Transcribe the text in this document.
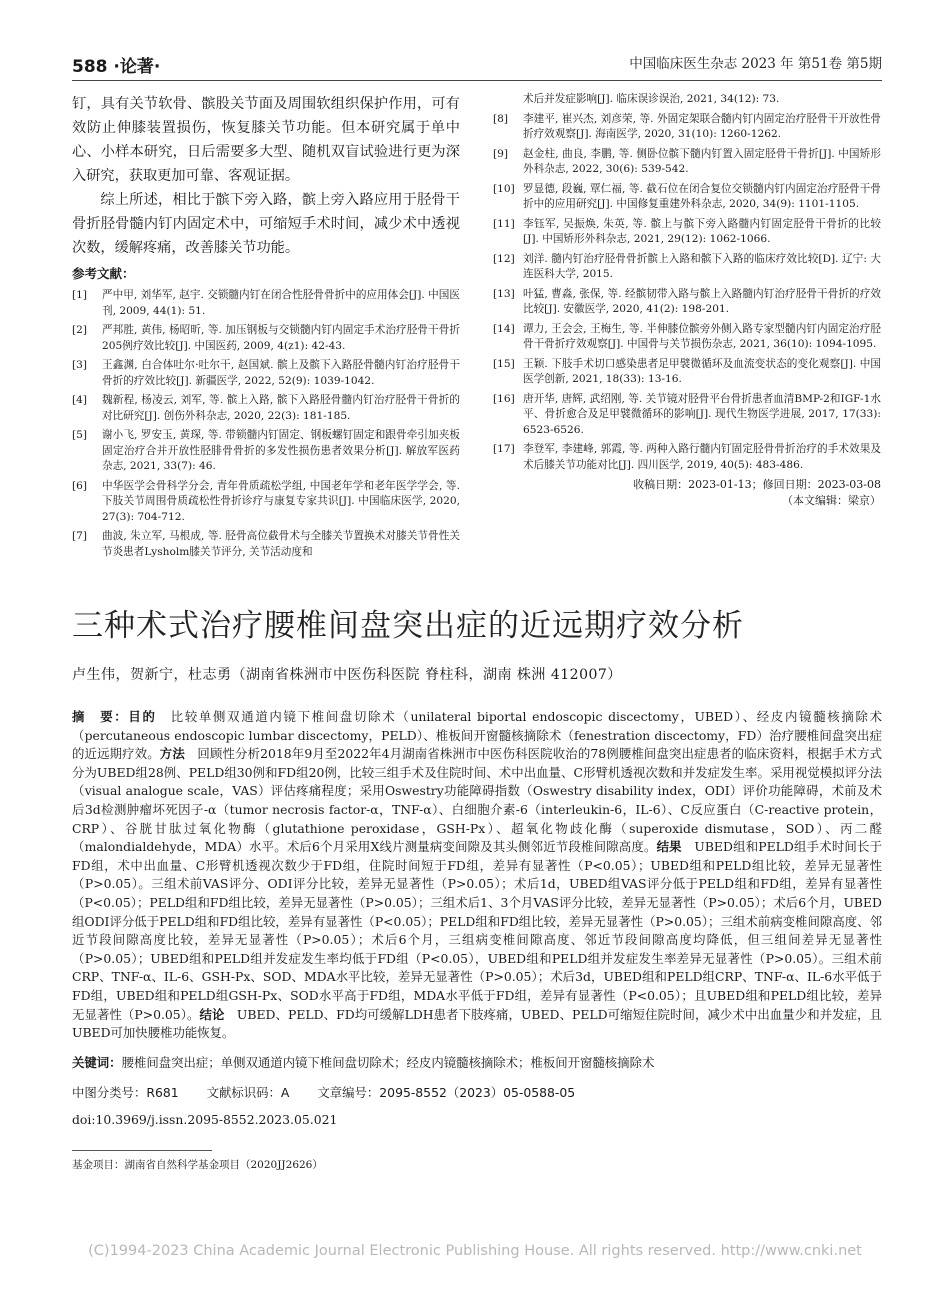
588 ·论著·	中国临床医生杂志 2023 年 第51卷 第5期

钉，具有关节软骨、髌股关节面及周围软组织保护作用，可有效防止伸膝装置损伤，恢复膝关节功能。但本研究属于单中心、小样本研究，日后需要多大型、随机双盲试验进行更为深入研究，获取更加可靠、客观证据。

综上所述，相比于髌下旁入路，髌上旁入路应用于胫骨干骨折胫骨髓内钉内固定术中，可缩短手术时间，减少术中透视次数，缓解疼痛，改善膝关节功能。

参考文献：
[1]	严中甲, 刘华军, 赵宇. 交锁髓内钉在闭合性胫骨骨折中的应用体会[J]. 中国医刊, 2009, 44(1): 51.
[2]	严邦胜, 黄伟, 杨昭昕, 等. 加压钢板与交锁髓内钉内固定手术治疗胫骨干骨折205例疗效比较[J]. 中国医药, 2009, 4(z1): 42-43.
[3]	王鑫渊, 白合体吐尔·吐尔干, 赵国斌. 髌上及髌下入路胫骨髓内钉治疗胫骨干骨折的疗效比较[J]. 新疆医学, 2022, 52(9): 1039-1042.
[4]	魏新程, 杨凌云, 刘军, 等. 髌上入路, 髌下入路胫骨髓内钉治疗胫骨干骨折的对比研究[J]. 创伤外科杂志, 2020, 22(3): 181-185.
[5]	谢小飞, 罗安玉, 黄琛, 等. 带锁髓内钉固定、钢板螺钉固定和跟骨牵引加夹板固定治疗合并开放性胫腓骨骨折的多发性损伤患者效果分析[J]. 解放军医药杂志, 2021, 33(7): 46.
[6]	中华医学会骨科学分会, 青年骨质疏松学组, 中国老年学和老年医学学会, 等. 下肢关节周围骨质疏松性骨折诊疗与康复专家共识[J]. 中国临床医学, 2020, 27(3): 704-712.
[7]	曲波, 朱立军, 马根成, 等. 胫骨高位截骨术与全膝关节置换术对膝关节骨性关节炎患者Lysholm膝关节评分, 关节活动度和
术后并发症影响[J]. 临床误诊误治, 2021, 34(12): 73.
[8]	李建平, 崔兴杰, 刘彦荣, 等. 外固定架联合髓内钉内固定治疗胫骨干开放性骨折疗效观察[J]. 海南医学, 2020, 31(10): 1260-1262.
[9]	赵金柱, 曲良, 李鹏, 等. 侧卧位髌下髓内钉置入固定胫骨干骨折[J]. 中国矫形外科杂志, 2022, 30(6): 539-542.
[10] 罗显德, 段巍, 覃仁福, 等. 截石位在闭合复位交锁髓内钉内固定治疗胫骨干骨折中的应用研究[J]. 中国修复重建外科杂志, 2020, 34(9): 1101-1105.
[11] 李钰军, 吴振焕, 朱英, 等. 髌上与髌下旁入路髓内钉固定胫骨干骨折的比较[J]. 中国矫形外科杂志, 2021, 29(12): 1062-1066.
[12] 刘洋. 髓内钉治疗胫骨骨折髌上入路和髌下入路的临床疗效比较[D]. 辽宁: 大连医科大学, 2015.
[13] 叶猛, 曹淼, 张保, 等. 经髌韧带入路与髌上入路髓内钉治疗胫骨干骨折的疗效比较[J]. 安徽医学, 2020, 41(2): 198-201.
[14] 谭力, 王会会, 王梅生, 等. 半伸膝位髌旁外侧入路专家型髓内钉内固定治疗胫骨干骨折疗效观察[J]. 中国骨与关节损伤杂志, 2021, 36(10): 1094-1095.
[15] 王颖. 下肢手术切口感染患者足甲襞微循环及血流变状态的变化观察[J]. 中国医学创新, 2021, 18(33): 13-16.
[16] 唐开华, 唐辉, 武绍刚, 等. 关节镜对胫骨平台骨折患者血清BMP-2和IGF-1水平、骨折愈合及足甲襞微循环的影响[J]. 现代生物医学进展, 2017, 17(33): 6523-6526.
[17] 李登军, 李建峰, 郭霞, 等. 两种入路行髓内钉固定胫骨骨折治疗的手术效果及术后膝关节功能对比[J]. 四川医学, 2019, 40(5): 483-486.
收稿日期：2023-01-13；修回日期：2023-03-08
（本文编辑：梁京）
三种术式治疗腰椎间盘突出症的近远期疗效分析
卢生伟，贺新宁，杜志勇（湖南省株洲市中医伤科医院 脊柱科，湖南 株洲 412007）

摘　要：目的　比较单侧双通道内镜下椎间盘切除术（unilateral biportal endoscopic discectomy，UBED）、经皮内镜髓核摘除术（percutaneous endoscopic lumbar discectomy，PELD）、椎板间开窗髓核摘除术（fenestration discectomy，FD）治疗腰椎间盘突出症的近远期疗效。方法　回顾性分析2018年9月至2022年4月湖南省株洲市中医伤科医院收治的78例腰椎间盘突出症患者的临床资料，根据手术方式分为UBED组28例、PELD组30例和FD组20例，比较三组手术及住院时间、术中出血量、C形臂机透视次数和并发症发生率。采用视觉模拟评分法（visual analogue scale，VAS）评估疼痛程度；采用Oswestry功能障碍指数（Oswestry disability index，ODI）评价功能障碍，术前及术后3d检测肿瘤坏死因子-α（tumor necrosis factor-α，TNF-α）、白细胞介素-6（interleukin-6，IL-6）、C反应蛋白（C-reactive protein，CRP）、谷胱甘肽过氧化物酶（glutathione peroxidase，GSH-Px）、超氧化物歧化酶（superoxide dismutase，SOD）、丙二醛（malondialdehyde，MDA）水平。术后6个月采用X线片测量病变间隙及其头侧邻近节段椎间隙高度。结果　UBED组和PELD组手术时间长于FD组，术中出血量、C形臂机透视次数少于FD组，住院时间短于FD组，差异有显著性（P<0.05）；UBED组和PELD组比较，差异无显著性（P>0.05）。三组术前VAS评分、ODI评分比较，差异无显著性（P>0.05）；术后1d，UBED组VAS评分低于PELD组和FD组，差异有显著性（P<0.05）；PELD组和FD组比较，差异无显著性（P>0.05）；三组术后1、3个月VAS评分比较，差异无显著性（P>0.05）；术后6个月，UBED组ODI评分低于PELD组和FD组比较，差异有显著性（P<0.05）；PELD组和FD组比较，差异无显著性（P>0.05）；三组术前病变椎间隙高度、邻近节段间隙高度比较，差异无显著性（P>0.05）；术后6个月，三组病变椎间隙高度、邻近节段间隙高度均降低，但三组间差异无显著性（P>0.05）；UBED组和PELD组并发症发生率均低于FD组（P<0.05），UBED组和PELD组并发症发生率差异无显著性（P>0.05）。三组术前CRP、TNF-α、IL-6、GSH-Px、SOD、MDA水平比较，差异无显著性（P>0.05）；术后3d，UBED组和PELD组CRP、TNF-α、IL-6水平低于FD组，UBED组和PELD组GSH-Px、SOD水平高于FD组，MDA水平低于FD组，差异有显著性（P<0.05）；且UBED组和PELD组比较，差异无显著性（P>0.05）。结论　UBED、PELD、FD均可缓解LDH患者下肢疼痛，UBED、PELD可缩短住院时间，减少术中出血量少和并发症，且UBED可加快腰椎功能恢复。

关键词：腰椎间盘突出症；单侧双通道内镜下椎间盘切除术；经皮内镜髓核摘除术；椎板间开窗髓核摘除术
中图分类号：R681 文献标识码：A 文章编号：2095-8552（2023）05-0588-05
doi:10.3969/j.issn.2095-8552.2023.05.021
基金项目：湖南省自然科学基金项目（2020JJ2626）
(C)1994-2023 China Academic Journal Electronic Publishing House. All rights reserved. http://www.cnki.net
